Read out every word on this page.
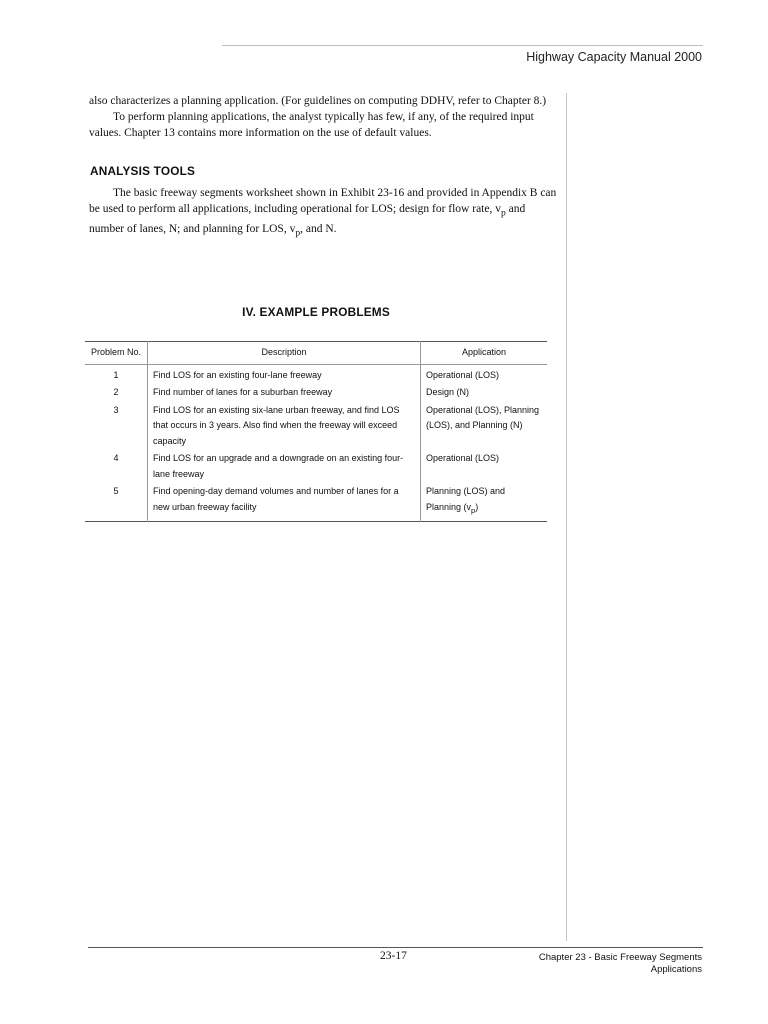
Highway Capacity Manual 2000

also characterizes a planning application. (For guidelines on computing DDHV, refer to Chapter 8.)

To perform planning applications, the analyst typically has few, if any, of the required input values. Chapter 13 contains more information on the use of default values.

ANALYSIS TOOLS

The basic freeway segments worksheet shown in Exhibit 23-16 and provided in Appendix B can be used to perform all applications, including operational for LOS; design for flow rate, $v_p$ and number of lanes, N; and planning for LOS, $v_p$, and N.

IV. EXAMPLE PROBLEMS
Problem No.	Description	Application
1	Find LOS for an existing four-lane freeway	Operational (LOS)
2	Find number of lanes for a suburban freeway	Design (N)
3	Find LOS for an existing six-lane urban freeway, and find LOS that occurs in 3 years. Also find when the freeway will exceed capacity	Operational (LOS), Planning (LOS), and Planning (N)
4	Find LOS for an upgrade and a downgrade on an existing four-lane freeway	Operational (LOS)
5	Find opening-day demand volumes and number of lanes for a new urban freeway facility	Planning (LOS) and Planning $(v_p)$
23-17	Chapter 23 - Basic Freeway Segments
Applications
